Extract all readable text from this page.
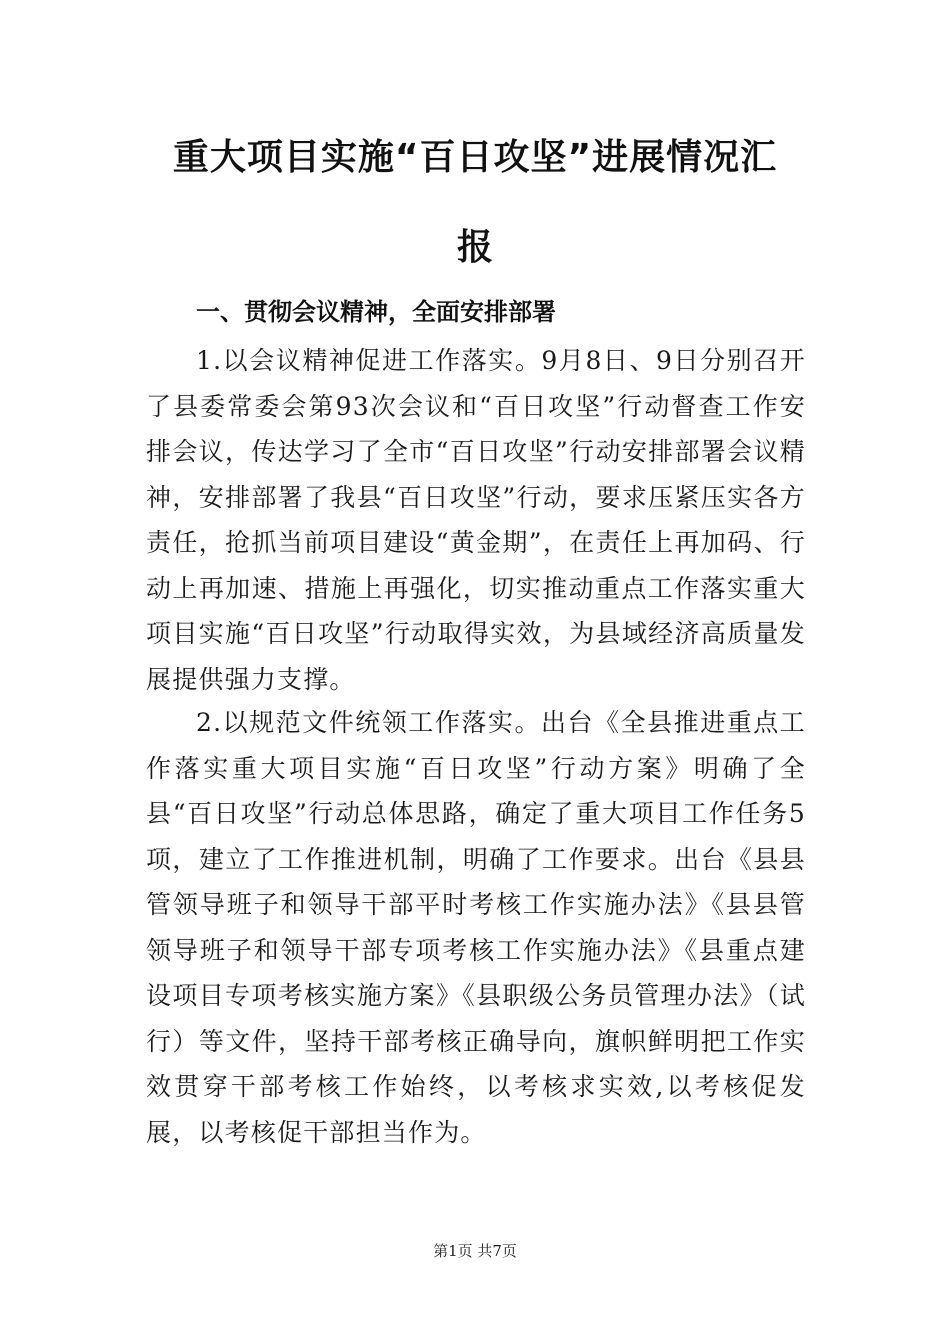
重大项目实施“百日攻坚”进展情况汇
报
一、贯彻会议精神，全面安排部署

1.以会议精神促进工作落实。9月8日、9日分别召开了县委常委会第93次会议和“百日攻坚”行动督查工作安排会议，传达学习了全市“百日攻坚”行动安排部署会议精神，安排部署了我县“百日攻坚”行动，要求压紧压实各方责任，抢抓当前项目建设“黄金期”，在责任上再加码、行动上再加速、措施上再强化，切实推动重点工作落实重大项目实施“百日攻坚”行动取得实效，为县域经济高质量发展提供强力支撑。

2.以规范文件统领工作落实。出台《全县推进重点工作落实重大项目实施“百日攻坚”行动方案》明确了全县“百日攻坚”行动总体思路，确定了重大项目工作任务5项，建立了工作推进机制，明确了工作要求。出台《县县管领导班子和领导干部平时考核工作实施办法》《县县管领导班子和领导干部专项考核工作实施办法》《县重点建设项目专项考核实施方案》《县职级公务员管理办法》（试行）等文件，坚持干部考核正确导向，旗帜鲜明把工作实效贯穿干部考核工作始终，以考核求实效,以考核促发展，以考核促干部担当作为。

第1页 共7页
